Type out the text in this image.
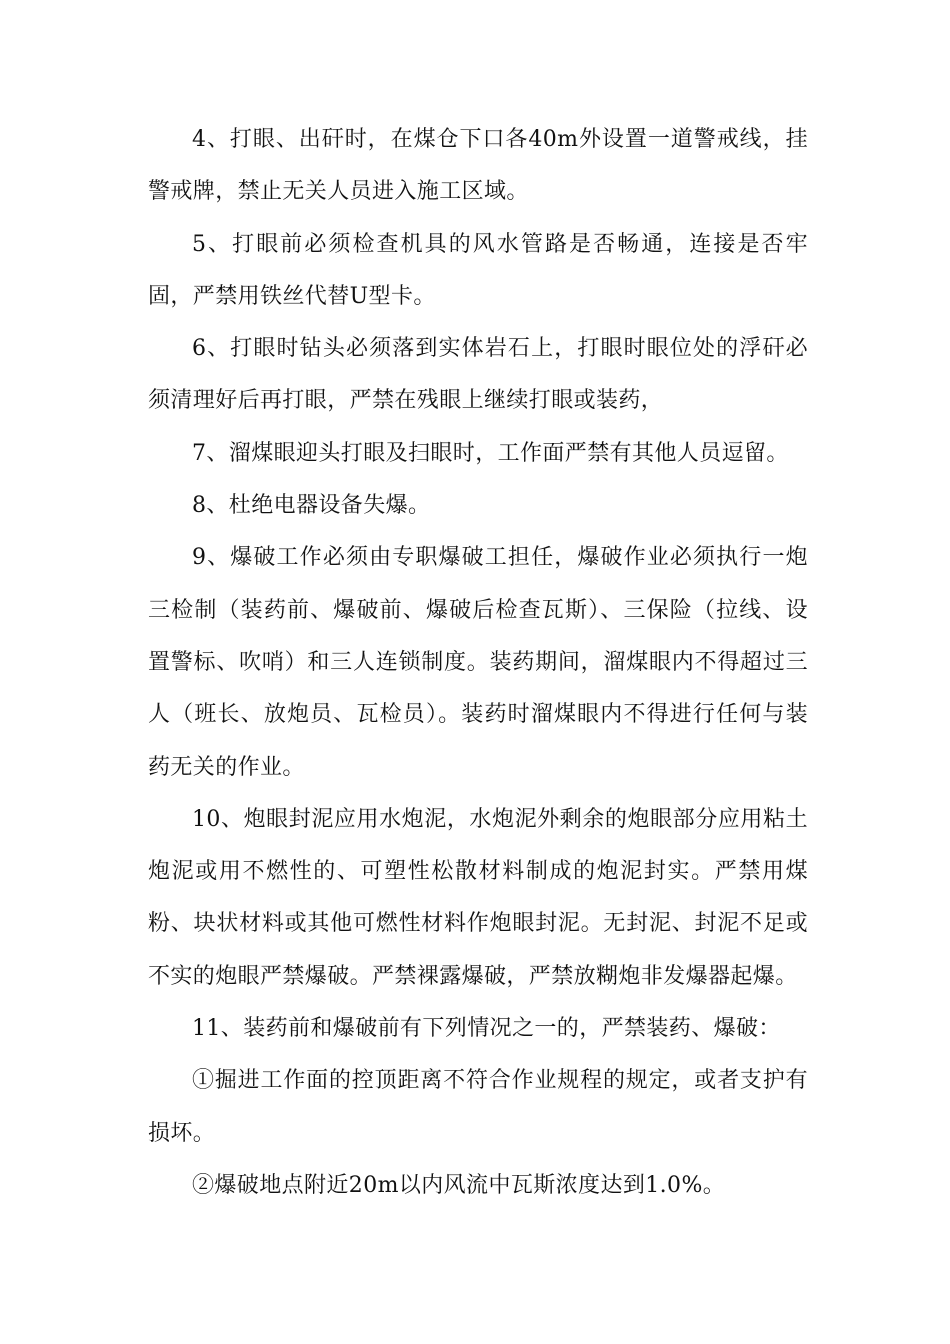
4、打眼、出矸时，在煤仓下口各40m外设置一道警戒线，挂警戒牌，禁止无关人员进入施工区域。

5、打眼前必须检查机具的风水管路是否畅通，连接是否牢固，严禁用铁丝代替U型卡。

6、打眼时钻头必须落到实体岩石上，打眼时眼位处的浮矸必须清理好后再打眼，严禁在残眼上继续打眼或装药，

7、溜煤眼迎头打眼及扫眼时，工作面严禁有其他人员逗留。

8、杜绝电器设备失爆。

9、爆破工作必须由专职爆破工担任，爆破作业必须执行一炮三检制（装药前、爆破前、爆破后检查瓦斯）、三保险（拉线、设置警标、吹哨）和三人连锁制度。装药期间，溜煤眼内不得超过三人（班长、放炮员、瓦检员）。装药时溜煤眼内不得进行任何与装药无关的作业。

10、炮眼封泥应用水炮泥，水炮泥外剩余的炮眼部分应用粘土炮泥或用不燃性的、可塑性松散材料制成的炮泥封实。严禁用煤粉、块状材料或其他可燃性材料作炮眼封泥。无封泥、封泥不足或不实的炮眼严禁爆破。严禁裸露爆破，严禁放糊炮非发爆器起爆。

11、装药前和爆破前有下列情况之一的，严禁装药、爆破：

①掘进工作面的控顶距离不符合作业规程的规定，或者支护有损坏。

②爆破地点附近20m以内风流中瓦斯浓度达到1.0%。
